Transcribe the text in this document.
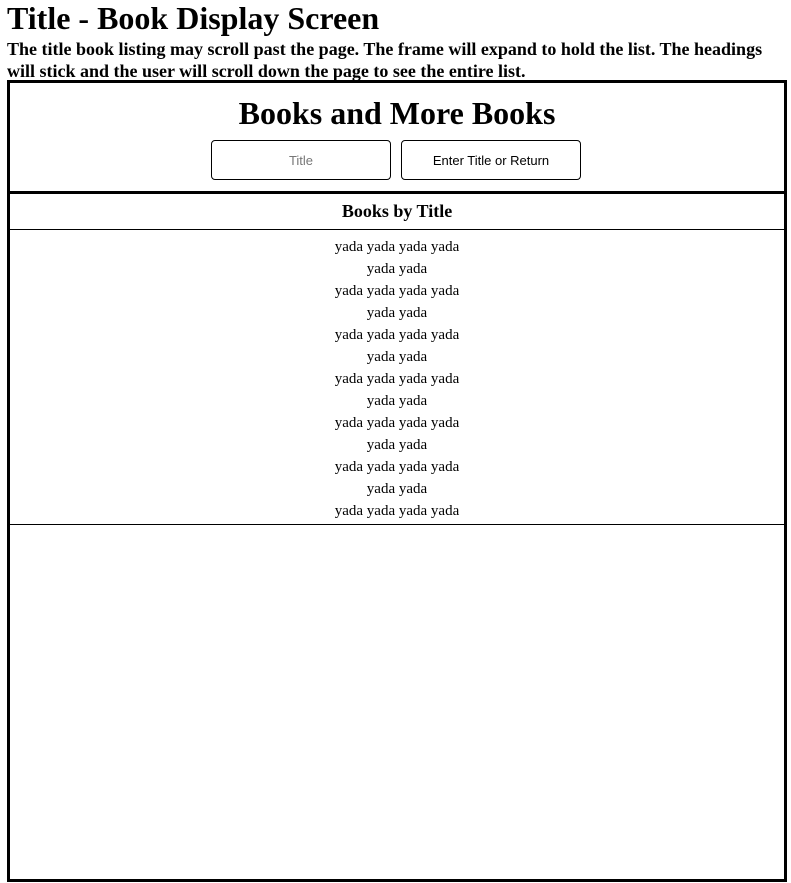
Title - Book Display Screen

The title book listing may scroll past the page. The frame will expand to hold the list. The headings will stick and the user will scroll down the page to see the entire list.

Books and More Books
Title
Enter Title or Return
Books by Title
yada yada yada yada
yada yada
yada yada yada yada
yada yada
yada yada yada yada
yada yada
yada yada yada yada
yada yada
yada yada yada yada
yada yada
yada yada yada yada
yada yada
yada yada yada yada
